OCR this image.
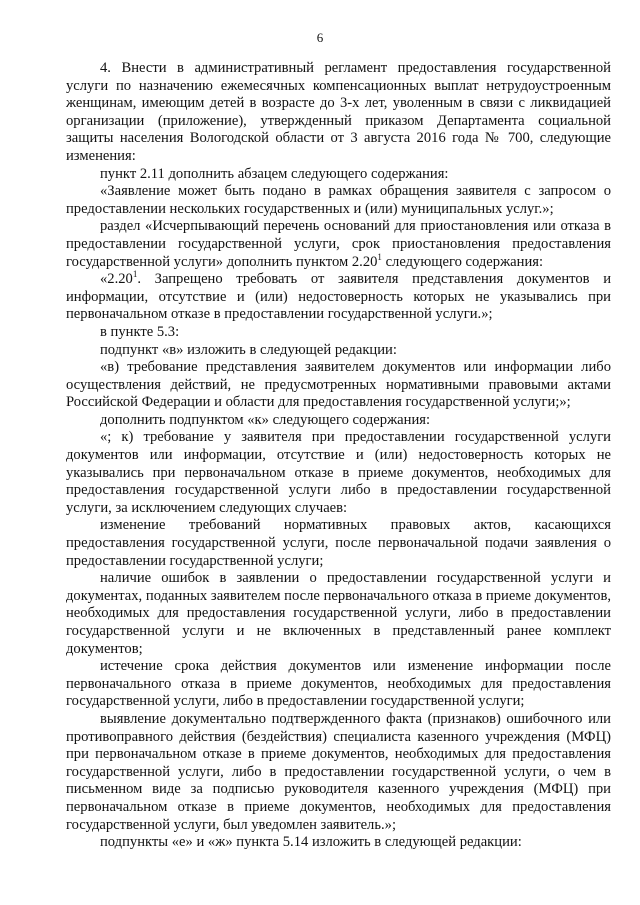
6

4. Внести в административный регламент предоставления государственной услуги по назначению ежемесячных компенсационных выплат нетрудоустроенным женщинам, имеющим детей в возрасте до 3-х лет, уволенным в связи с ликвидацией организации (приложение), утвержденный приказом Департамента социальной защиты населения Вологодской области от 3 августа 2016 года № 700, следующие изменения:

пункт 2.11 дополнить абзацем следующего содержания:

«Заявление может быть подано в рамках обращения заявителя с запросом о предоставлении нескольких государственных и (или) муниципальных услуг.»;

раздел «Исчерпывающий перечень оснований для приостановления или отказа в предоставлении государственной услуги, срок приостановления предоставления государственной услуги» дополнить пунктом 2.20$^1$ следующего содержания:

«2.20$^1$. Запрещено требовать от заявителя представления документов и информации, отсутствие и (или) недостоверность которых не указывались при первоначальном отказе в предоставлении государственной услуги.»;

в пункте 5.3:

подпункт «в» изложить в следующей редакции:

«в) требование представления заявителем документов или информации либо осуществления действий, не предусмотренных нормативными правовыми актами Российской Федерации и области для предоставления государственной услуги;»;

дополнить подпунктом «к» следующего содержания:

«; к) требование у заявителя при предоставлении государственной услуги документов или информации, отсутствие и (или) недостоверность которых не указывались при первоначальном отказе в приеме документов, необходимых для предоставления государственной услуги либо в предоставлении государственной услуги, за исключением следующих случаев:

изменение требований нормативных правовых актов, касающихся предоставления государственной услуги, после первоначальной подачи заявления о предоставлении государственной услуги;

наличие ошибок в заявлении о предоставлении государственной услуги и документах, поданных заявителем после первоначального отказа в приеме документов, необходимых для предоставления государственной услуги, либо в предоставлении государственной услуги и не включенных в представленный ранее комплект документов;

истечение срока действия документов или изменение информации после первоначального отказа в приеме документов, необходимых для предоставления государственной услуги, либо в предоставлении государственной услуги;

выявление документально подтвержденного факта (признаков) ошибочного или противоправного действия (бездействия) специалиста казенного учреждения (МФЦ) при первоначальном отказе в приеме документов, необходимых для предоставления государственной услуги, либо в предоставлении государственной услуги, о чем в письменном виде за подписью руководителя казенного учреждения (МФЦ) при первоначальном отказе в приеме документов, необходимых для предоставления государственной услуги, был уведомлен заявитель.»;

подпункты «е» и «ж» пункта 5.14 изложить в следующей редакции:
